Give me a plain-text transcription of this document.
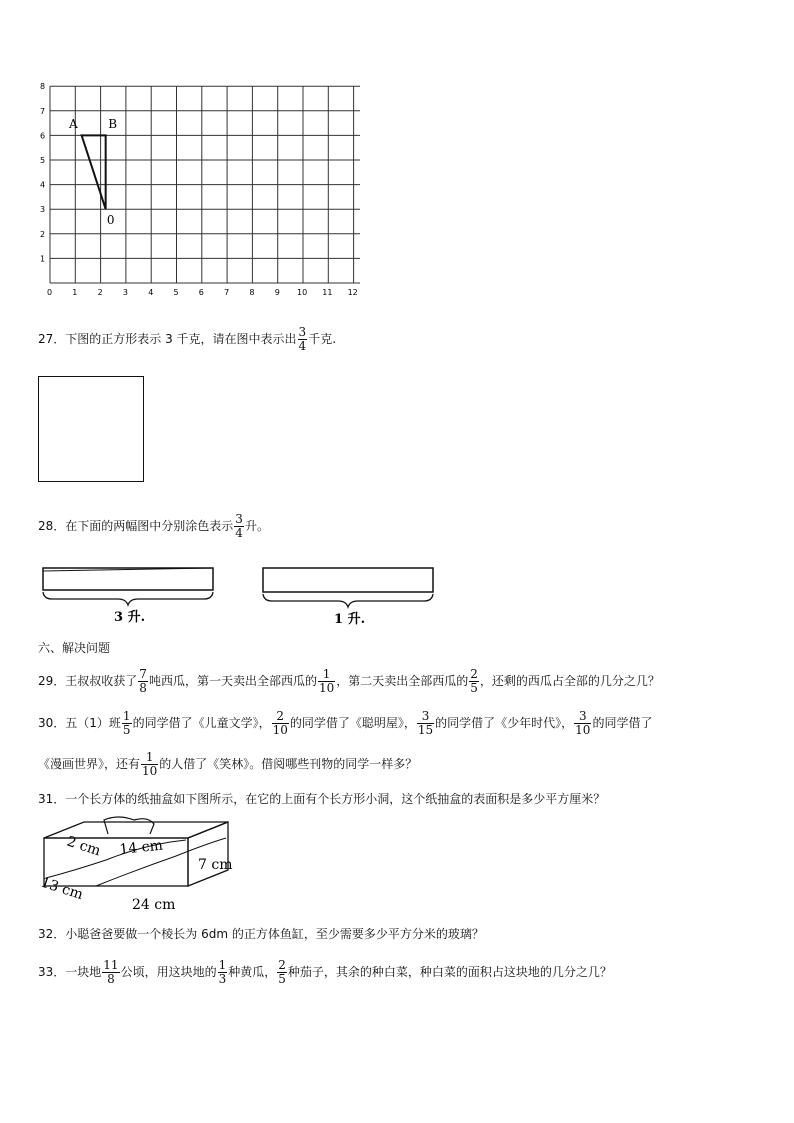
0	1	2	3	4	5	6	7	8	9 10 11 12
1
2
3
4
5
6
7
8
A	B
0
27．下图的正方形表示 3 千克，请在图中表示出 $\frac{3}{4}$ 千克.
28．在下面的两幅图中分别涂色表示 $\frac{3}{4}$ 升。
3 升.	1 升.
六、解决问题
29．王叔叔收获了 $\frac{7}{8}$ 吨西瓜，第一天卖出全部西瓜的 $\frac{1}{10}$ ，第二天卖出全部西瓜的 $\frac{2}{5}$ ，还剩的西瓜占全部的几分之几？
30．五（1）班 $\frac{1}{5}$ 的同学借了《儿童文学》， $\frac{2}{10}$ 的同学借了《聪明屋》， $\frac{3}{15}$ 的同学借了《少年时代》， $\frac{3}{10}$ 的同学借了
《漫画世界》，还有 $\frac{1}{10}$ 的人借了《笑林》。借阅哪些刊物的同学一样多？
31．一个长方体的纸抽盒如下图所示，在它的上面有个长方形小洞，这个纸抽盒的表面积是多少平方厘米？
2 cm 14 cm
7 cm
13 cm
24 cm
32．小聪爸爸要做一个棱长为 6dm 的正方体鱼缸，至少需要多少平方分米的玻璃？
33．一块地 $\frac{11}{8}$ 公顷，用这块地的 $\frac{1}{3}$ 种黄瓜， $\frac{2}{5}$ 种茄子，其余的种白菜，种白菜的面积占这块地的几分之几？
